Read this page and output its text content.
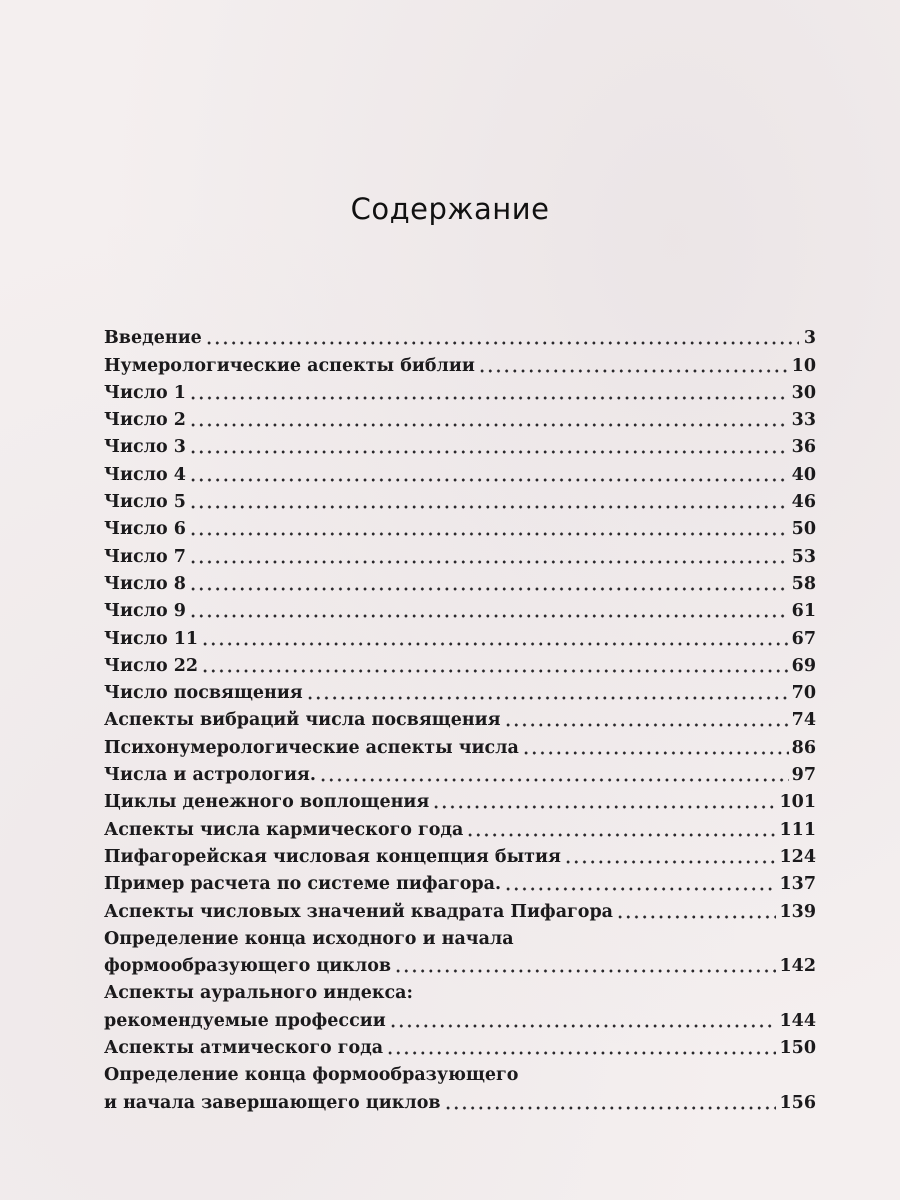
Содержание
Введение	3
Нумерологические аспекты библии	10
Число 1	30
Число 2	33
Число 3	36
Число 4	40
Число 5	46
Число 6	50
Число 7	53
Число 8	58
Число 9	61
Число 11	67
Число 22	69
Число посвящения	70
Аспекты вибраций числа посвящения	74
Психонумерологические аспекты числа	86
Числа и астрология.	97
Циклы денежного воплощения	101
Аспекты числа кармического года	111
Пифагорейская числовая концепция бытия	124
Пример расчета по системе пифагора.	137
Аспекты числовых значений квадрата Пифагора	139
Определение конца исходного и начала
формообразующего циклов	142
Аспекты аурального индекса:
рекомендуемые профессии	144
Аспекты атмического года	150
Определение конца формообразующего
и начала завершающего циклов	156
